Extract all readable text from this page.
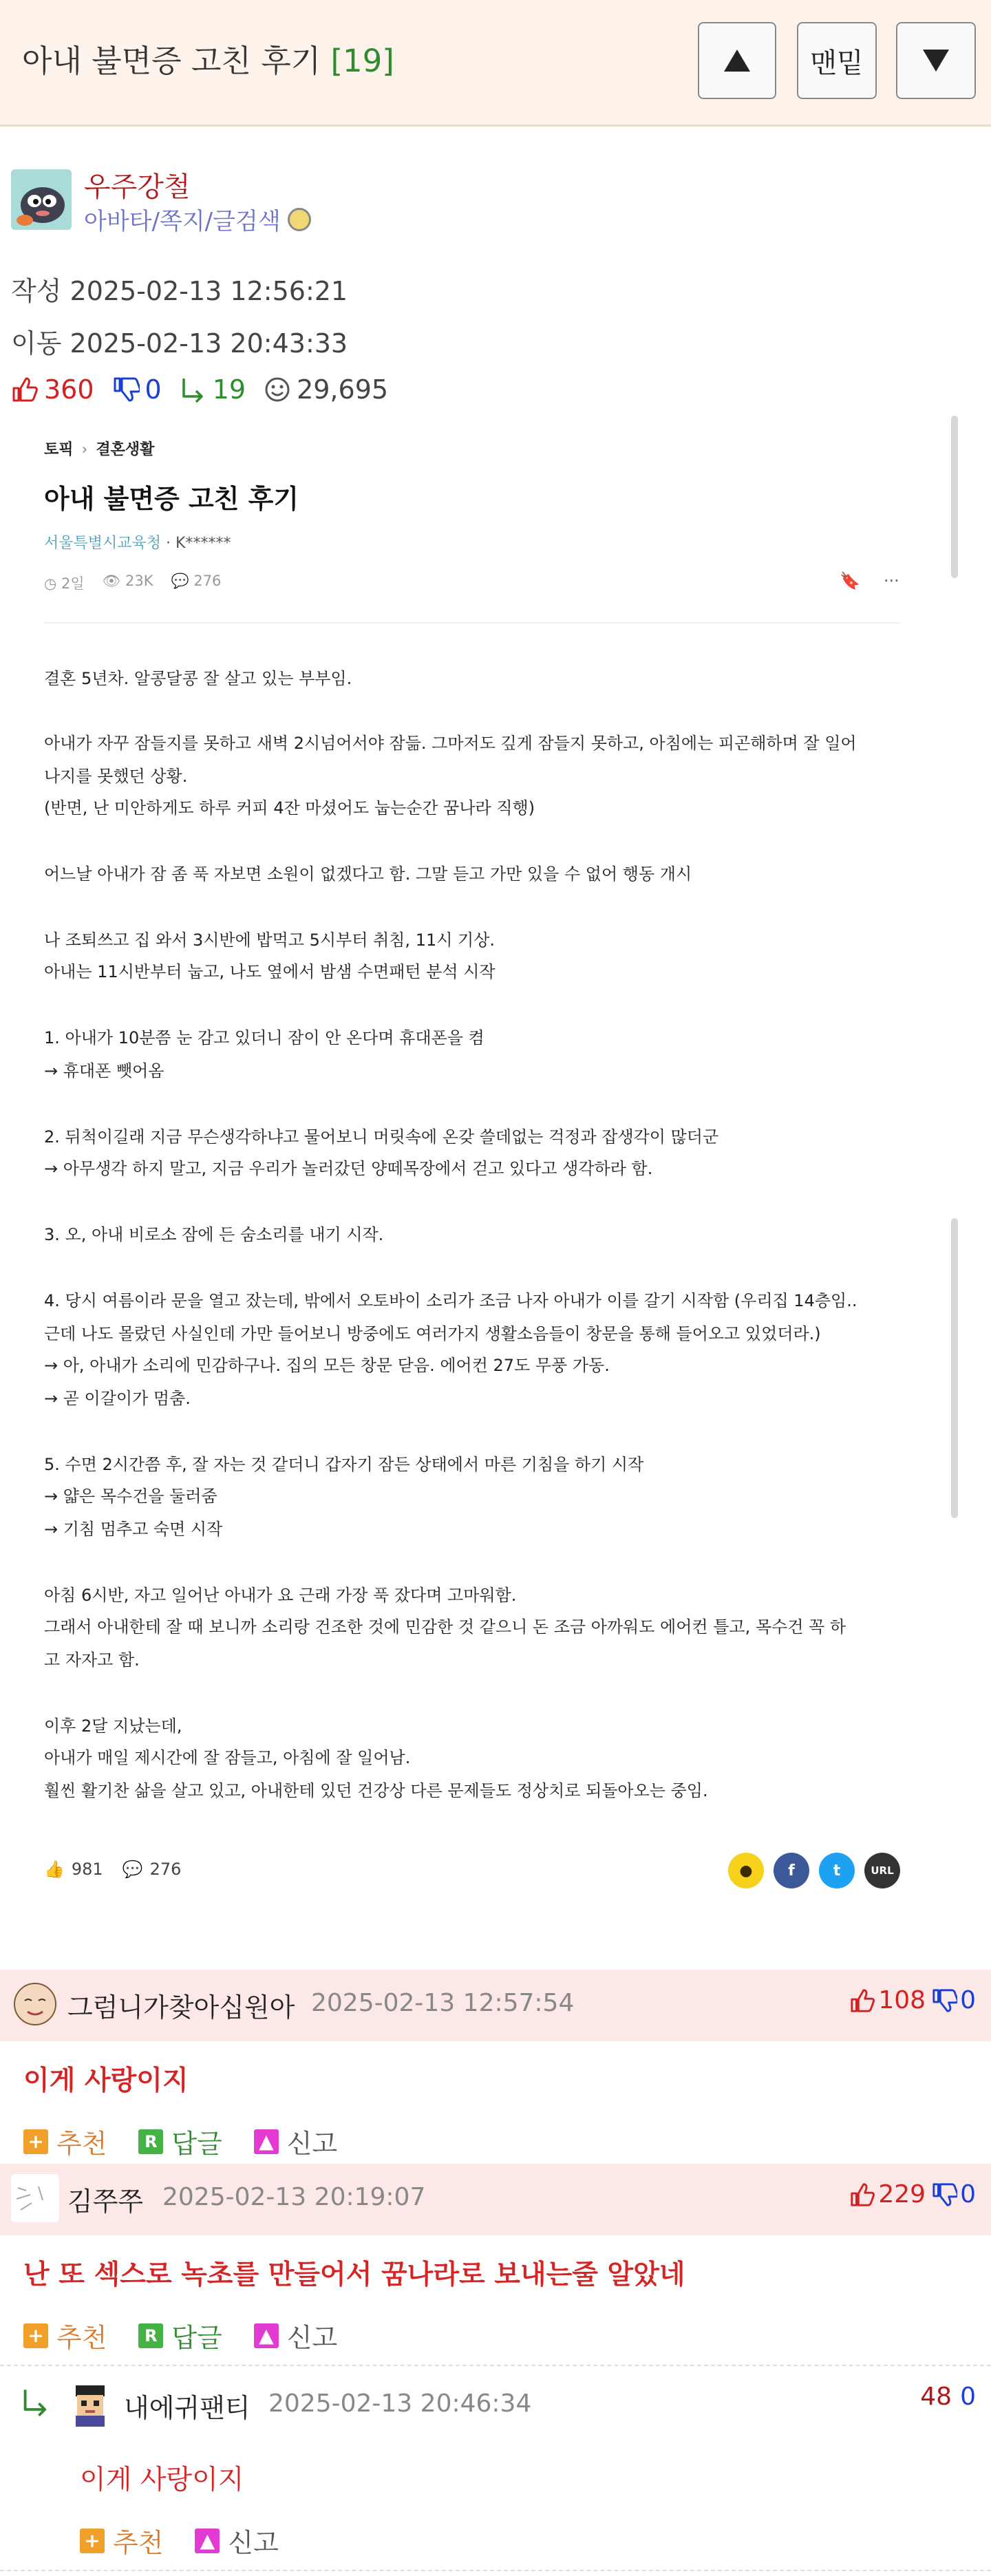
아내 불면증 고친 후기 [19]	맨밑
우주강철
아바타/쪽지/글검색
작성 2025-02-13 12:56:21
이동 2025-02-13 20:43:33
360 0 19 29,695
토픽 › 결혼생활
아내 불면증 고친 후기
서울특별시교육청 · K******
◷ 2일 👁 23K 💬 276	🔖 ···
결혼 5년차. 알콩달콩 잘 살고 있는 부부임.
아내가 자꾸 잠들지를 못하고 새벽 2시넘어서야 잠듦. 그마저도 깊게 잠들지 못하고, 아침에는 피곤해하며 잘 일어
나지를 못했던 상황.
(반면, 난 미안하게도 하루 커피 4잔 마셨어도 눕는순간 꿈나라 직행)
어느날 아내가 잠 좀 푹 자보면 소원이 없겠다고 함. 그말 듣고 가만 있을 수 없어 행동 개시
나 조퇴쓰고 집 와서 3시반에 밥먹고 5시부터 취침, 11시 기상.
아내는 11시반부터 눕고, 나도 옆에서 밤샘 수면패턴 분석 시작
1. 아내가 10분쯤 눈 감고 있더니 잠이 안 온다며 휴대폰을 켬
→ 휴대폰 뺏어옴
2. 뒤척이길래 지금 무슨생각하냐고 물어보니 머릿속에 온갖 쓸데없는 걱정과 잡생각이 많더군
→ 아무생각 하지 말고, 지금 우리가 놀러갔던 양떼목장에서 걷고 있다고 생각하라 함.
3. 오, 아내 비로소 잠에 든 숨소리를 내기 시작.
4. 당시 여름이라 문을 열고 잤는데, 밖에서 오토바이 소리가 조금 나자 아내가 이를 갈기 시작함 (우리집 14층임..
근데 나도 몰랐던 사실인데 가만 들어보니 방중에도 여러가지 생활소음들이 창문을 통해 들어오고 있었더라.)
→ 아, 아내가 소리에 민감하구나. 집의 모든 창문 닫음. 에어컨 27도 무풍 가동.
→ 곧 이갈이가 멈춤.
5. 수면 2시간쯤 후, 잘 자는 것 같더니 갑자기 잠든 상태에서 마른 기침을 하기 시작
→ 얇은 목수건을 둘러줌
→ 기침 멈추고 숙면 시작
아침 6시반, 자고 일어난 아내가 요 근래 가장 푹 잤다며 고마워함.
그래서 아내한테 잘 때 보니까 소리랑 건조한 것에 민감한 것 같으니 돈 조금 아까워도 에어컨 틀고, 목수건 꼭 하
고 자자고 함.
이후 2달 지났는데,
아내가 매일 제시간에 잘 잠들고, 아침에 잘 일어남.
훨씬 활기찬 삶을 살고 있고, 아내한테 있던 건강상 다른 문제들도 정상치로 되돌아오는 중임.
👍 981 💬 276	●	f	t	URL
그럼니가찾아십원아 2025-02-13 12:57:54	108 0
이게 사랑이지
+ 추천	R 답글 ▲ 신고
김쭈쭈 2025-02-13 20:19:07	229 0
난 또 섹스로 녹초를 만들어서 꿈나라로 보내는줄 알았네
+ 추천	R 답글 ▲ 신고
내에귀팬티 2025-02-13 20:46:34	48 0
이게 사랑이지
+ 추천 ▲ 신고
